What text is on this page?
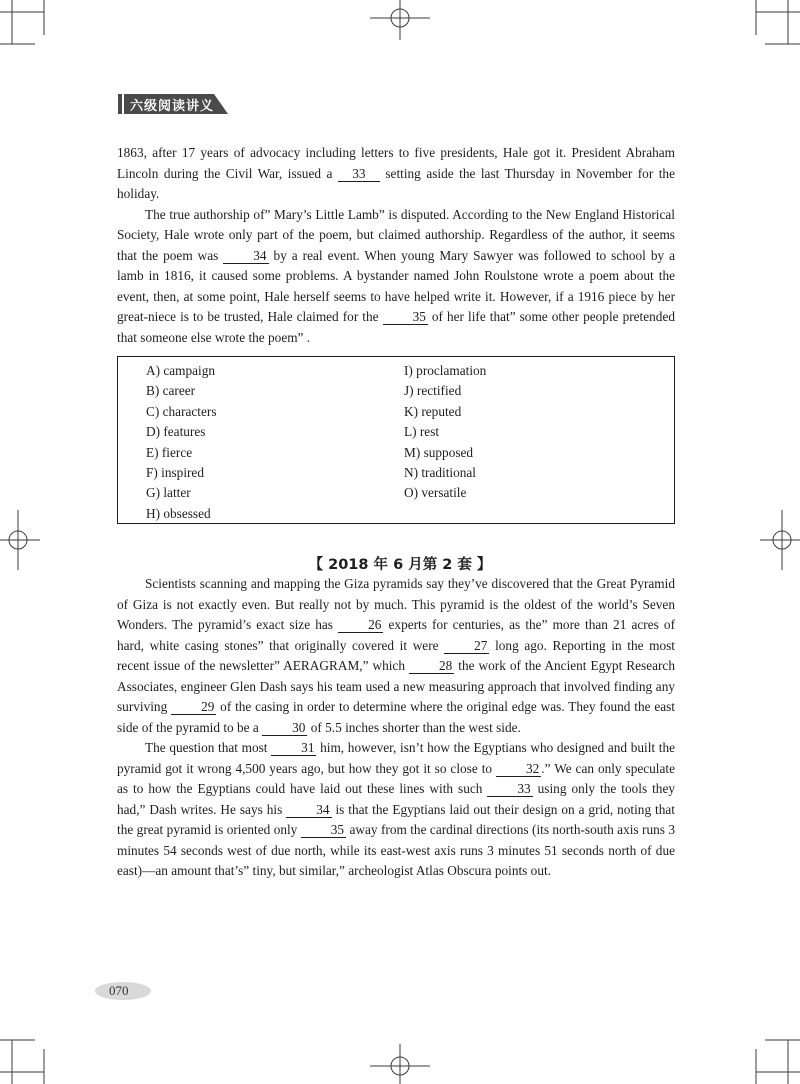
六级阅读讲义

1863, after 17 years of advocacy including letters to five presidents, Hale got it. President Abraham Lincoln during the Civil War, issued a 33 setting aside the last Thursday in November for the holiday.

The true authorship of” Mary’s Little Lamb” is disputed. According to the New England Historical Society, Hale wrote only part of the poem, but claimed authorship. Regardless of the author, it seems that the poem was 34 by a real event. When young Mary Sawyer was followed to school by a lamb in 1816, it caused some problems. A bystander named John Roulstone wrote a poem about the event, then, at some point, Hale herself seems to have helped write it. However, if a 1916 piece by her great-niece is to be trusted, Hale claimed for the 35 of her life that” some other people pretended that someone else wrote the poem” .

A) campaign
B) career
C) characters
D) features
E) fierce
F) inspired
G) latter
H) obsessed
I) proclamation
J) rectified
K) reputed
L) rest
M) supposed
N) traditional
O) versatile
【 2018 年 6 月第 2 套 】

Scientists scanning and mapping the Giza pyramids say they’ve discovered that the Great Pyramid of Giza is not exactly even. But really not by much. This pyramid is the oldest of the world’s Seven Wonders. The pyramid’s exact size has 26 experts for centuries, as the” more than 21 acres of hard, white casing stones” that originally covered it were 27 long ago. Reporting in the most recent issue of the newsletter” AERAGRAM,” which 28 the work of the Ancient Egypt Research Associates, engineer Glen Dash says his team used a new measuring approach that involved finding any surviving 29 of the casing in order to determine where the original edge was. They found the east side of the pyramid to be a 30 of 5.5 inches shorter than the west side.

The question that most 31 him, however, isn’t how the Egyptians who designed and built the pyramid got it wrong 4,500 years ago, but how they got it so close to 32 .” We can only speculate as to how the Egyptians could have laid out these lines with such 33 using only the tools they had,” Dash writes. He says his 34 is that the Egyptians laid out their design on a grid, noting that the great pyramid is oriented only 35 away from the cardinal directions (its north-south axis runs 3 minutes 54 seconds west of due north, while its east-west axis runs 3 minutes 51 seconds north of due east)—an amount that’s” tiny, but similar,” archeologist Atlas Obscura points out.

070
